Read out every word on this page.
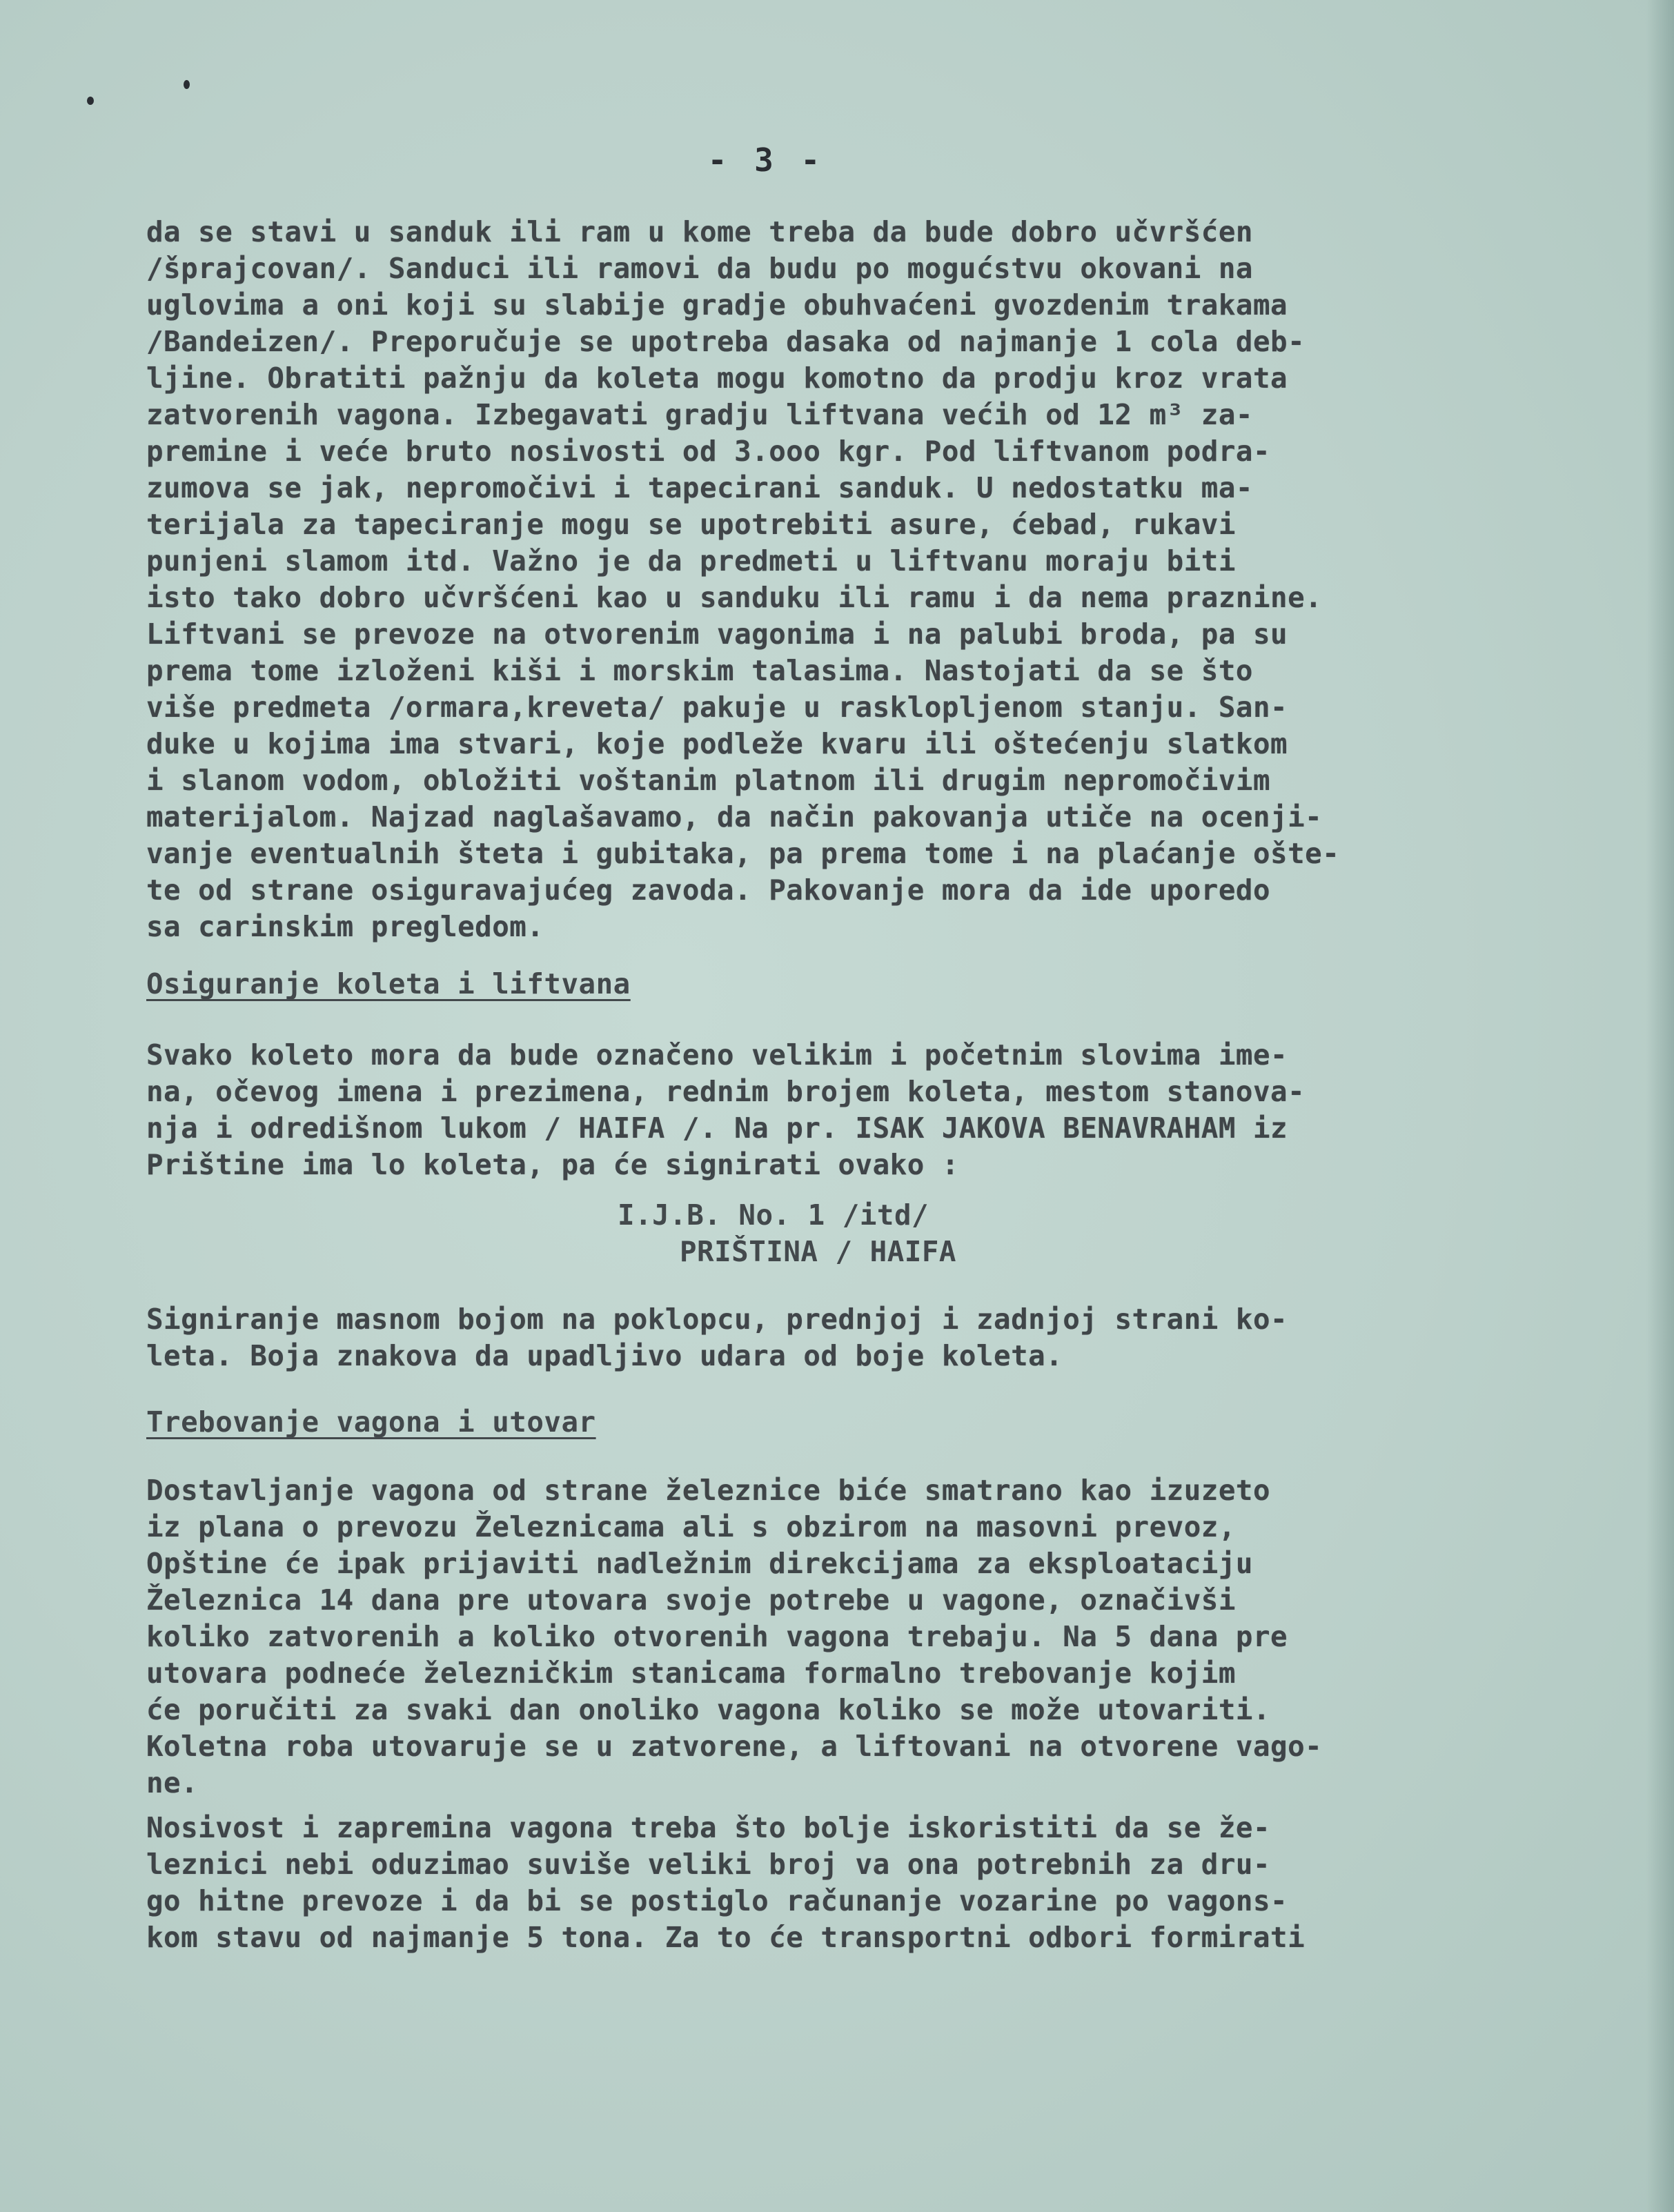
- 3 -

da se stavi u sanduk ili ram u kome treba da bude dobro učvršćen

/šprajcovan/. Sanduci ili ramovi da budu po mogućstvu okovani na

uglovima a oni koji su slabije gradje obuhvaćeni gvozdenim trakama

/Bandeizen/. Preporučuje se upotreba dasaka od najmanje 1 cola deb-

ljine. Obratiti pažnju da koleta mogu komotno da prodju kroz vrata

zatvorenih vagona. Izbegavati gradju liftvana većih od 12 m³ za-

premine i veće bruto nosivosti od 3.ooo kgr. Pod liftvanom podra-

zumova se jak, nepromočivi i tapecirani sanduk. U nedostatku ma-

terijala za tapeciranje mogu se upotrebiti asure, ćebad, rukavi

punjeni slamom itd. Važno je da predmeti u liftvanu moraju biti

isto tako dobro učvršćeni kao u sanduku ili ramu i da nema praznine.

Liftvani se prevoze na otvorenim vagonima i na palubi broda, pa su

prema tome izloženi kiši i morskim talasima. Nastojati da se što

više predmeta /ormara,kreveta/ pakuje u rasklopljenom stanju. San-

duke u kojima ima stvari, koje podleže kvaru ili oštećenju slatkom

i slanom vodom, obložiti voštanim platnom ili drugim nepromočivim

materijalom. Najzad naglašavamo, da način pakovanja utiče na ocenji-

vanje eventualnih šteta i gubitaka, pa prema tome i na plaćanje ošte-

te od strane osiguravajućeg zavoda. Pakovanje mora da ide uporedo

sa carinskim pregledom.

Osiguranje koleta i liftvana

Svako koleto mora da bude označeno velikim i početnim slovima ime-

na, očevog imena i prezimena, rednim brojem koleta, mestom stanova-

nja i odredišnom lukom / HAIFA /. Na pr. ISAK JAKOVA BENAVRAHAM iz

Prištine ima lo koleta, pa će signirati ovako :

I.J.B. No. 1 /itd/

PRIŠTINA / HAIFA

Signiranje masnom bojom na poklopcu, prednjoj i zadnjoj strani ko-

leta. Boja znakova da upadljivo udara od boje koleta.

Trebovanje vagona i utovar

Dostavljanje vagona od strane železnice biće smatrano kao izuzeto

iz plana o prevozu Železnicama ali s obzirom na masovni prevoz,

Opštine će ipak prijaviti nadležnim direkcijama za eksploataciju

Železnica 14 dana pre utovara svoje potrebe u vagone, označivši

koliko zatvorenih a koliko otvorenih vagona trebaju. Na 5 dana pre

utovara podneće železničkim stanicama formalno trebovanje kojim

će poručiti za svaki dan onoliko vagona koliko se može utovariti.

Koletna roba utovaruje se u zatvorene, a liftovani na otvorene vago-

ne.

Nosivost i zapremina vagona treba što bolje iskoristiti da se že-

leznici nebi oduzimao suviše veliki broj va ona potrebnih za dru-

go hitne prevoze i da bi se postiglo računanje vozarine po vagons-

kom stavu od najmanje 5 tona. Za to će transportni odbori formirati
